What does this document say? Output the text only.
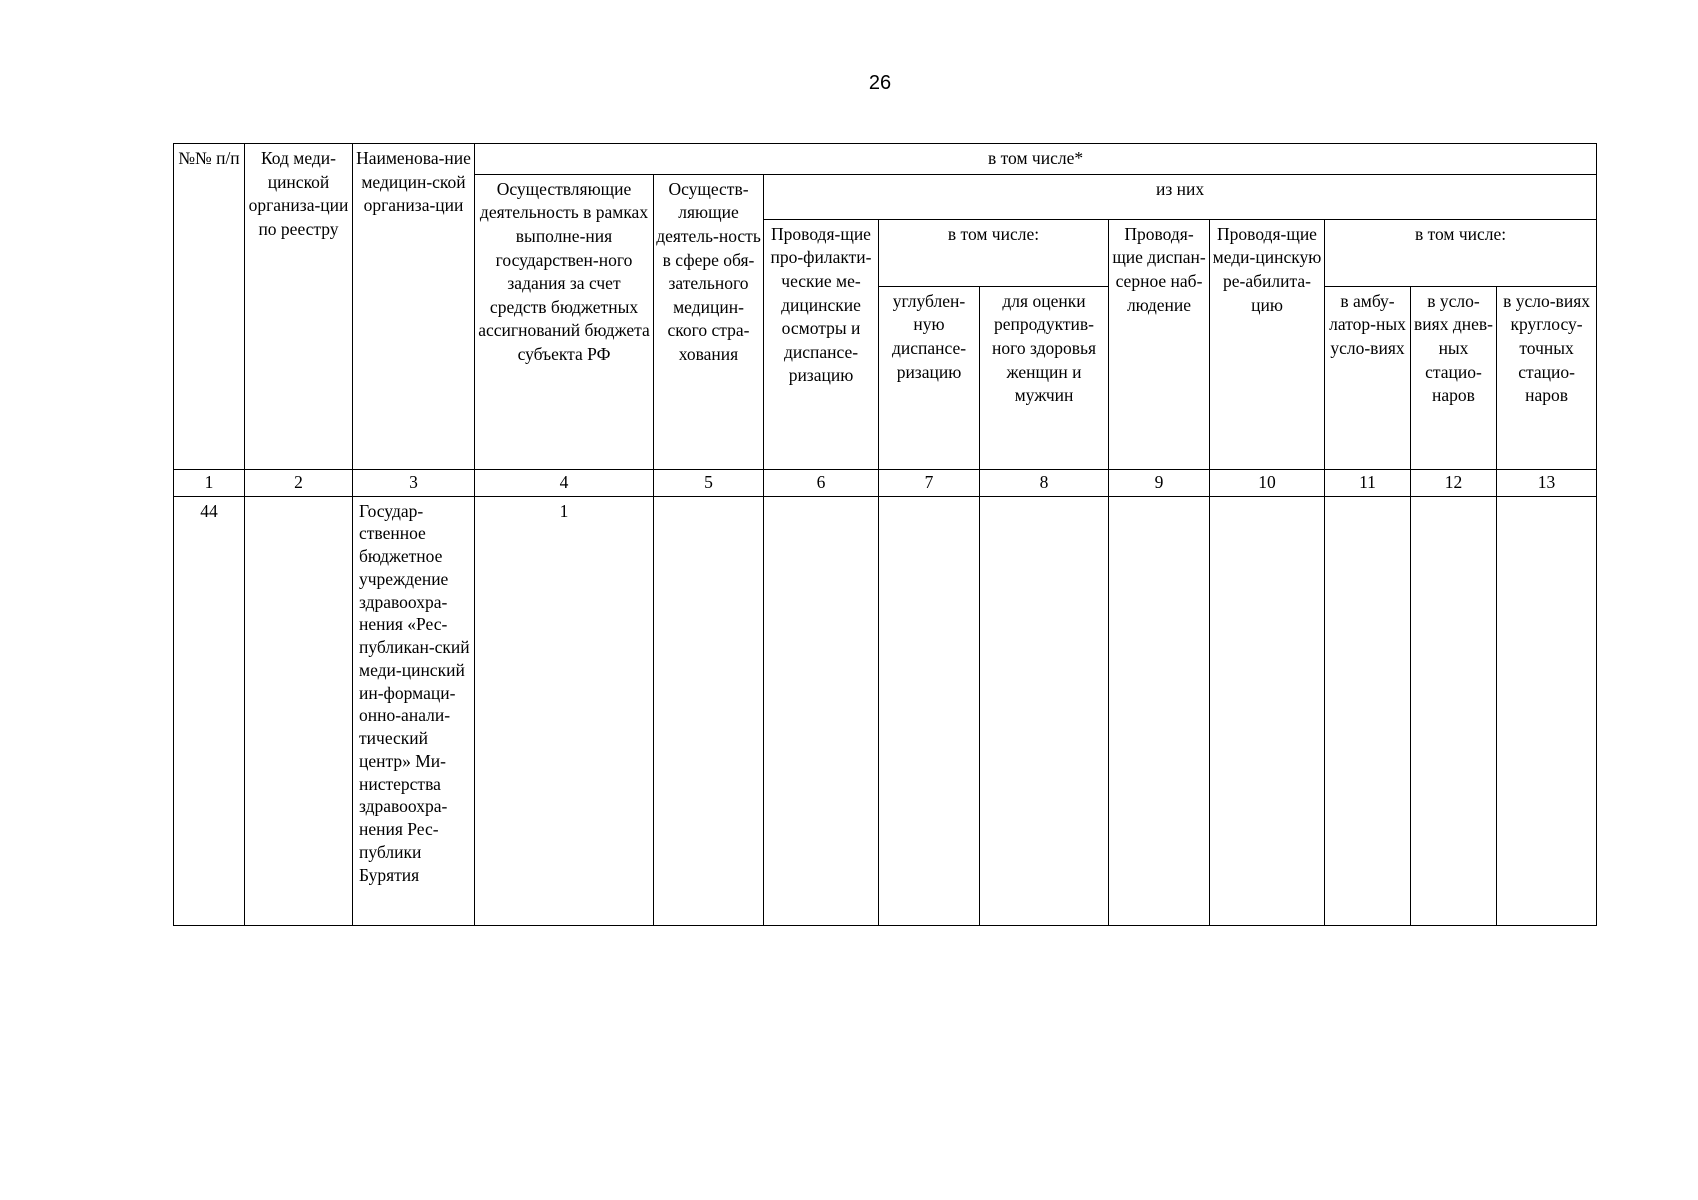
26
№№ п/п	Код меди-цинской организа-ции по реестру	Наименова-ние медицин-ской организа-ции	в том числе*									
			Осуществляющие деятельность в рамках выполне-ния государствен-ного задания за счет средств бюджетных ассигнований бюджета субъекта РФ	Осуществ-ляющие деятель-ность в сфере обя-зательного медицин-ского стра-хования	из них							
					Проводя-щие про-филакти-ческие ме-дицинские осмотры и диспансе-ризацию	в том числе:		Проводя-щие диспан-серное наб-людение	Проводя-щие меди-цинскую ре-абилита-цию	в том числе:		
						углублен-ную диспансе-ризацию	для оценки репродуктив-ного здоровья женщин и мужчин			в амбу-латор-ных усло-виях	в усло-виях днев-ных стацио-наров	в усло-виях круглосу-точных стацио-наров
1	2	3	4	5	6	7	8	9	10	11	12	13
44		Государ-ственное бюджетное учреждение здравоохра-нения «Рес-публикан-ский меди-цинский ин-формаци-онно-анали-тический центр» Ми-нистерства здравоохра-нения Рес-публики Бурятия	1									
